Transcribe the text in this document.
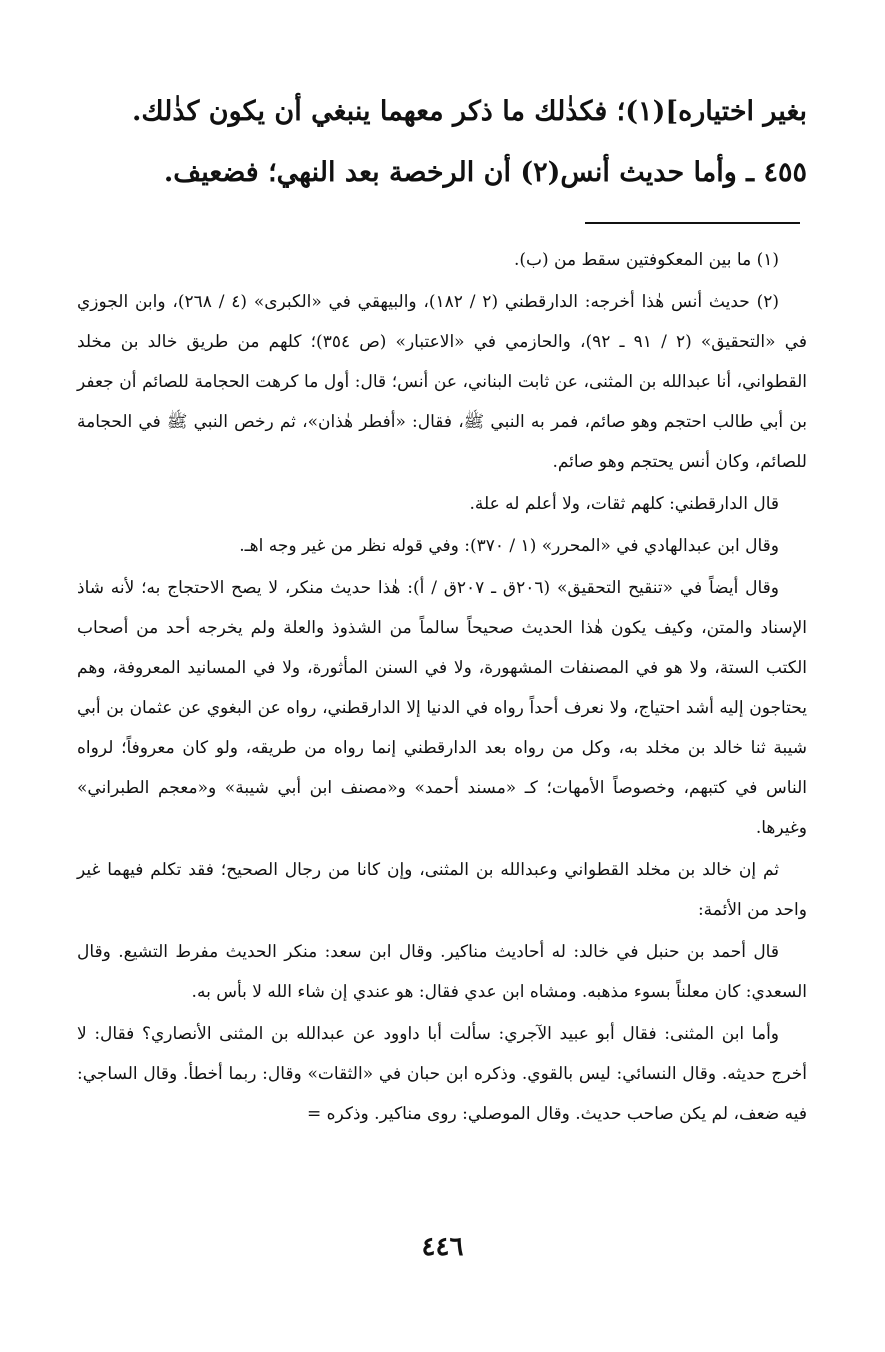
بغير اختياره](١)؛ فكذٰلك ما ذكر معهما ينبغي أن يكون كذٰلك.
٤٥٥ ـ وأما حديث أنس(٢) أن الرخصة بعد النهي؛ فضعيف.

(١) ما بين المعكوفتين سقط من (ب).

(٢) حديث أنس هٰذا أخرجه: الدارقطني (٢ / ١٨٢)، والبيهقي في «الكبرى» (٤ / ٢٦٨)، وابن الجوزي في «التحقيق» (٢ / ٩١ ـ ٩٢)، والحازمي في «الاعتبار» (ص ٣٥٤)؛ كلهم من طريق خالد بن مخلد القطواني، أنا عبدالله بن المثنى، عن ثابت البناني، عن أنس؛ قال: أول ما كرهت الحجامة للصائم أن جعفر بن أبي طالب احتجم وهو صائم، فمر به النبي ﷺ، فقال: «أفطر هٰذان»، ثم رخص النبي ﷺ في الحجامة للصائم، وكان أنس يحتجم وهو صائم.

قال الدارقطني: كلهم ثقات، ولا أعلم له علة.

وقال ابن عبدالهادي في «المحرر» (١ / ٣٧٠): وفي قوله نظر من غير وجه اهـ.

وقال أيضاً في «تنقيح التحقيق» (٢٠٦ق ـ ٢٠٧ق / أ): هٰذا حديث منكر، لا يصح الاحتجاج به؛ لأنه شاذ الإسناد والمتن، وكيف يكون هٰذا الحديث صحيحاً سالماً من الشذوذ والعلة ولم يخرجه أحد من أصحاب الكتب الستة، ولا هو في المصنفات المشهورة، ولا في السنن المأثورة، ولا في المسانيد المعروفة، وهم يحتاجون إليه أشد احتياج، ولا نعرف أحداً رواه في الدنيا إلا الدارقطني، رواه عن البغوي عن عثمان بن أبي شيبة ثنا خالد بن مخلد به، وكل من رواه بعد الدارقطني إنما رواه من طريقه، ولو كان معروفاً؛ لرواه الناس في كتبهم، وخصوصاً الأمهات؛ كـ «مسند أحمد» و«مصنف ابن أبي شيبة» و«معجم الطبراني» وغيرها.

ثم إن خالد بن مخلد القطواني وعبدالله بن المثنى، وإن كانا من رجال الصحيح؛ فقد تكلم فيهما غير واحد من الأئمة:

قال أحمد بن حنبل في خالد: له أحاديث مناكير. وقال ابن سعد: منكر الحديث مفرط التشيع. وقال السعدي: كان معلناً بسوء مذهبه. ومشاه ابن عدي فقال: هو عندي إن شاء الله لا بأس به.

وأما ابن المثنى: فقال أبو عبيد الآجري: سألت أبا داوود عن عبدالله بن المثنى الأنصاري؟ فقال: لا أخرج حديثه. وقال النسائي: ليس بالقوي. وذكره ابن حبان في «الثقات» وقال: ربما أخطأ. وقال الساجي: فيه ضعف، لم يكن صاحب حديث. وقال الموصلي: روى مناكير. وذكره =

٤٤٦
